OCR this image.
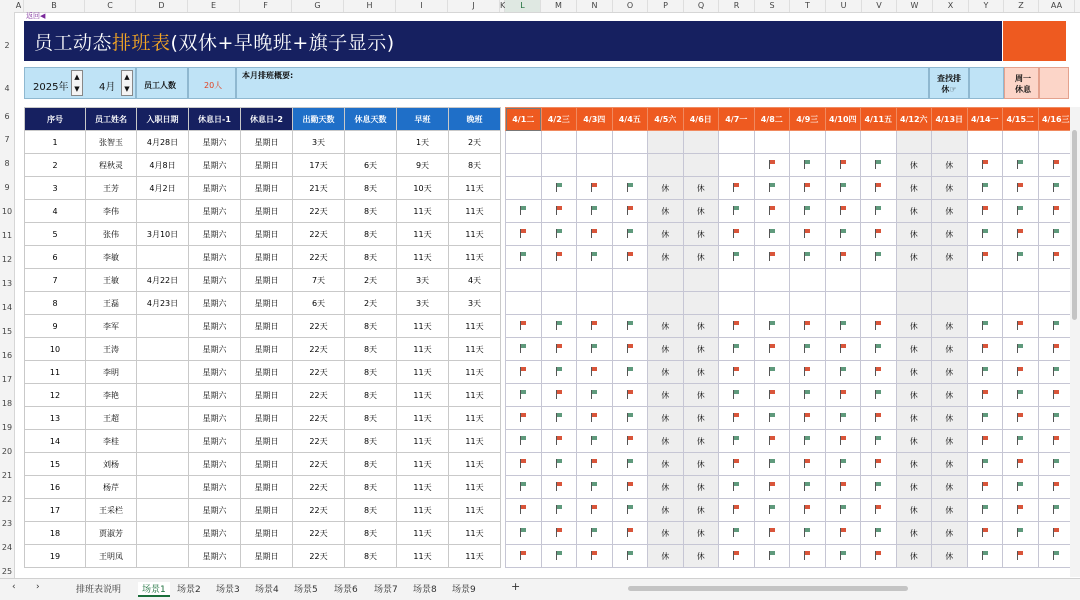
A	B	C	D	E	F	G	H	I	J	K	L	M	N	O	P	Q	R	S	T	U	V	W	X	Y	Z	AA
2
4
6
7
8
9
10
11
12
13
14
15
16
17
18
19
20
21
22
23
24
25
返回◀
员工动态排班表(双休+早晚班+旗子显示)
2025年
▲
▼ 4月
▲
▼ 员工人数	20人
本月排班概要:	查找排休☞
周一休息
序号	员工姓名	入职日期	休息日-1	休息日-2	出勤天数	休息天数	早班	晚班
1	张智玉	4月28日	星期六	星期日	3天		1天	2天
2	程秋灵	4月8日	星期六	星期日	17天	6天	9天	8天
3	王芳	4月2日	星期六	星期日	21天	8天	10天	11天
4	李伟		星期六	星期日	22天	8天	11天	11天
5	张伟	3月10日	星期六	星期日	22天	8天	11天	11天
6	李敏		星期六	星期日	22天	8天	11天	11天
7	王敏	4月22日	星期六	星期日	7天	2天	3天	4天
8	王磊	4月23日	星期六	星期日	6天	2天	3天	3天
9	李军		星期六	星期日	22天	8天	11天	11天
10	王涛		星期六	星期日	22天	8天	11天	11天
11	李明		星期六	星期日	22天	8天	11天	11天
12	李艳		星期六	星期日	22天	8天	11天	11天
13	王超		星期六	星期日	22天	8天	11天	11天
14	李桂		星期六	星期日	22天	8天	11天	11天
15	刘杨		星期六	星期日	22天	8天	11天	11天
16	杨芹		星期六	星期日	22天	8天	11天	11天
17	王采栏		星期六	星期日	22天	8天	11天	11天
18	贾淑芳		星期六	星期日	22天	8天	11天	11天
19	王明凤		星期六	星期日	22天	8天	11天	11天
4/1二	4/2三	4/3四	4/4五	4/5六	4/6日	4/7一	4/8二	4/9三	4/10四	4/11五	4/12六	4/13日	4/14一	4/15二	4/16三

											休	休			
				休	休						休	休			
				休	休						休	休			
				休	休						休	休			
				休	休						休	休			

				休	休						休	休			
				休	休						休	休			
				休	休						休	休			
				休	休						休	休			
				休	休						休	休			
				休	休						休	休			
				休	休						休	休			
				休	休						休	休			
				休	休						休	休			
				休	休						休	休			
				休	休						休	休			
‹ ›	排班表说明	场景1	场景2 场景3 场景4 场景5 场景6 场景7 场景8 场景9	+
